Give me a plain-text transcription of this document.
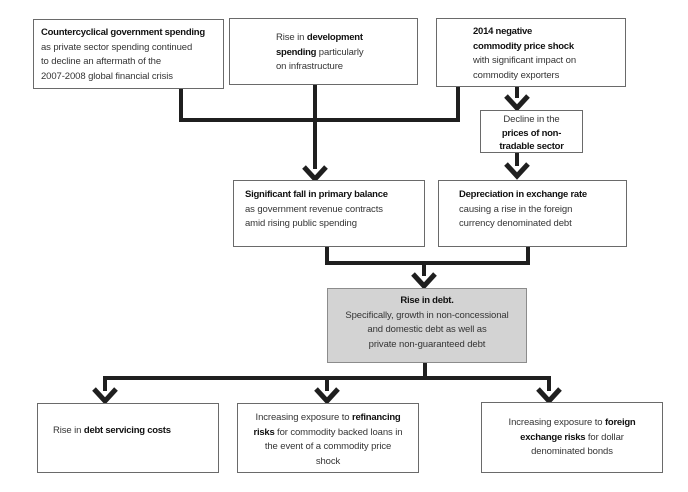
Countercyclical government spending
as private sector spending continued
to decline an aftermath of the
2007-2008 global financial crisis
Rise in development
spending particularly
on infrastructure
2014 negative
commodity price shock
with significant impact on
commodity exporters
Decline in the
prices of non-
tradable sector
Significant fall in primary balance
as government revenue contracts
amid rising public spending
Depreciation in exchange rate
causing a rise in the foreign
currency denominated debt
Rise in debt.
Specifically, growth in non-concessional
and domestic debt as well as
private non-guaranteed debt
Rise in debt servicing costs
Increasing exposure to refinancing
risks for commodity backed loans in
the event of a commodity price
shock
Increasing exposure to foreign
exchange risks for dollar
denominated bonds
